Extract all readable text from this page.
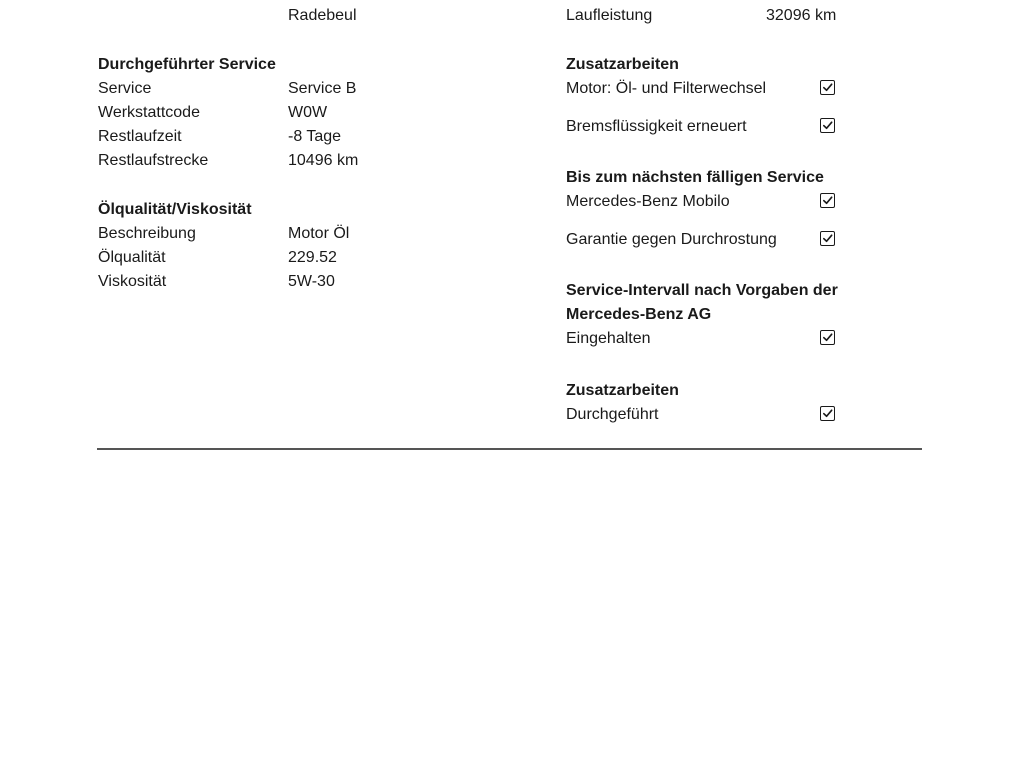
Radebeul
Durchgeführter Service
Service	Service B
Werkstattcode	W0W
Restlaufzeit	-8 Tage
Restlaufstrecke	10496 km
Ölqualität/Viskosität
Beschreibung	Motor Öl
Ölqualität	229.52
Viskosität	5W-30
Laufleistung	32096 km
Zusatzarbeiten
Motor: Öl- und Filterwechsel
Bremsflüssigkeit erneuert
Bis zum nächsten fälligen Service
Mercedes-Benz Mobilo
Garantie gegen Durchrostung
Service-Intervall nach Vorgaben der
Mercedes-Benz AG
Eingehalten
Zusatzarbeiten
Durchgeführt
